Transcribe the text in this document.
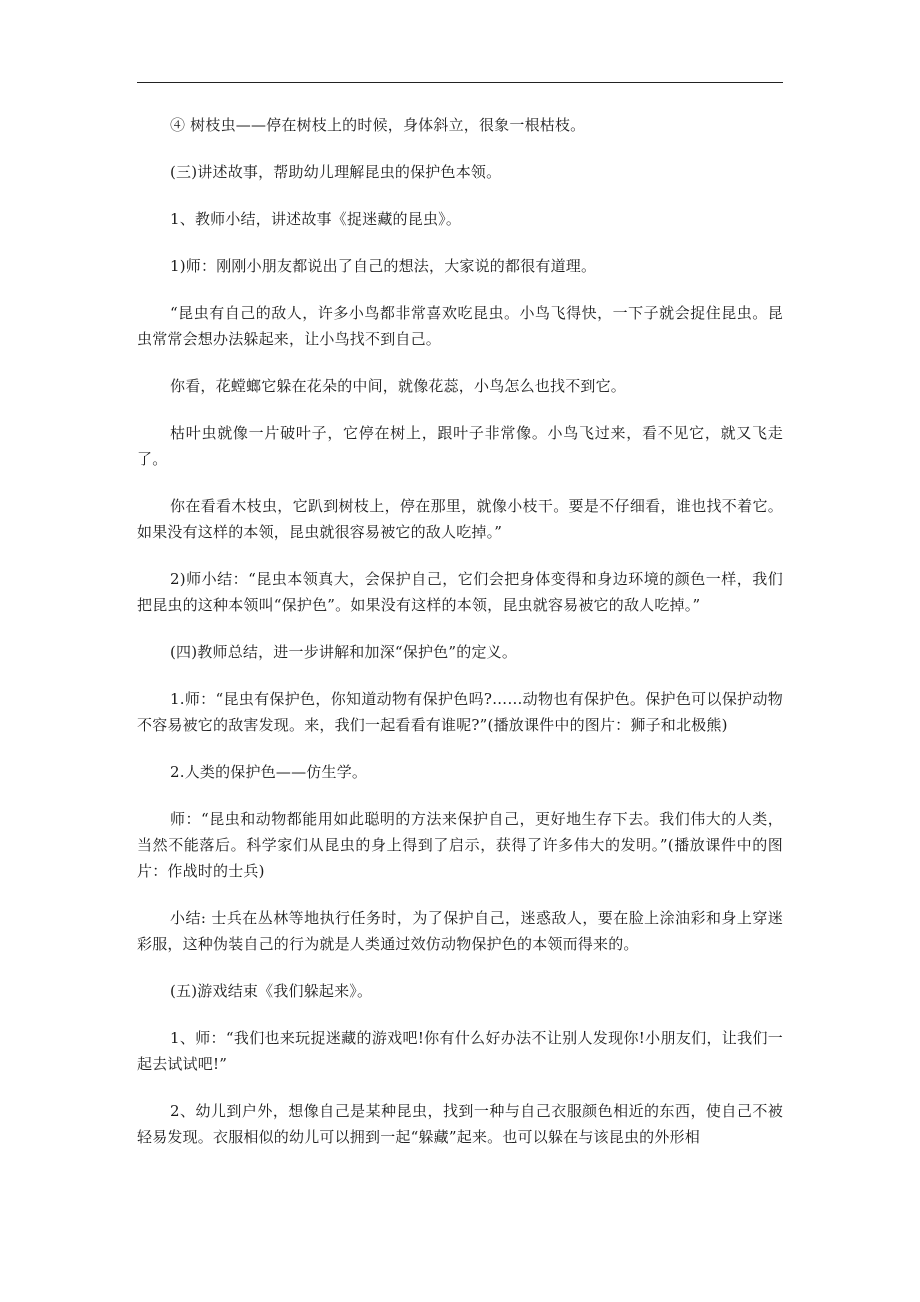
④ 树枝虫——停在树枝上的时候，身体斜立，很象一根枯枝。

(三)讲述故事，帮助幼儿理解昆虫的保护色本领。

1、教师小结，讲述故事《捉迷藏的昆虫》。

1)师：刚刚小朋友都说出了自己的想法，大家说的都很有道理。

“昆虫有自己的敌人，许多小鸟都非常喜欢吃昆虫。小鸟飞得快，一下子就会捉住昆虫。昆虫常常会想办法躲起来，让小鸟找不到自己。

你看，花螳螂它躲在花朵的中间，就像花蕊，小鸟怎么也找不到它。

枯叶虫就像一片破叶子，它停在树上，跟叶子非常像。小鸟飞过来，看不见它，就又飞走了。

你在看看木枝虫，它趴到树枝上，停在那里，就像小枝干。要是不仔细看，谁也找不着它。如果没有这样的本领，昆虫就很容易被它的敌人吃掉。”

2)师小结：“昆虫本领真大，会保护自己，它们会把身体变得和身边环境的颜色一样，我们把昆虫的这种本领叫“保护色”。如果没有这样的本领，昆虫就容易被它的敌人吃掉。”

(四)教师总结，进一步讲解和加深“保护色”的定义。

1.师：“昆虫有保护色，你知道动物有保护色吗?……动物也有保护色。保护色可以保护动物不容易被它的敌害发现。来，我们一起看看有谁呢?”(播放课件中的图片：狮子和北极熊)

2.人类的保护色——仿生学。

师：“昆虫和动物都能用如此聪明的方法来保护自己，更好地生存下去。我们伟大的人类，当然不能落后。科学家们从昆虫的身上得到了启示，获得了许多伟大的发明。”(播放课件中的图片：作战时的士兵)

小结: 士兵在丛林等地执行任务时，为了保护自己，迷惑敌人，要在脸上涂油彩和身上穿迷彩服，这种伪装自己的行为就是人类通过效仿动物保护色的本领而得来的。

(五)游戏结束《我们躲起来》。

1、师：“我们也来玩捉迷藏的游戏吧!你有什么好办法不让别人发现你!小朋友们，让我们一起去试试吧!”

2、幼儿到户外，想像自己是某种昆虫，找到一种与自己衣服颜色相近的东西，使自己不被轻易发现。衣服相似的幼儿可以拥到一起“躲藏”起来。也可以躲在与该昆虫的外形相
